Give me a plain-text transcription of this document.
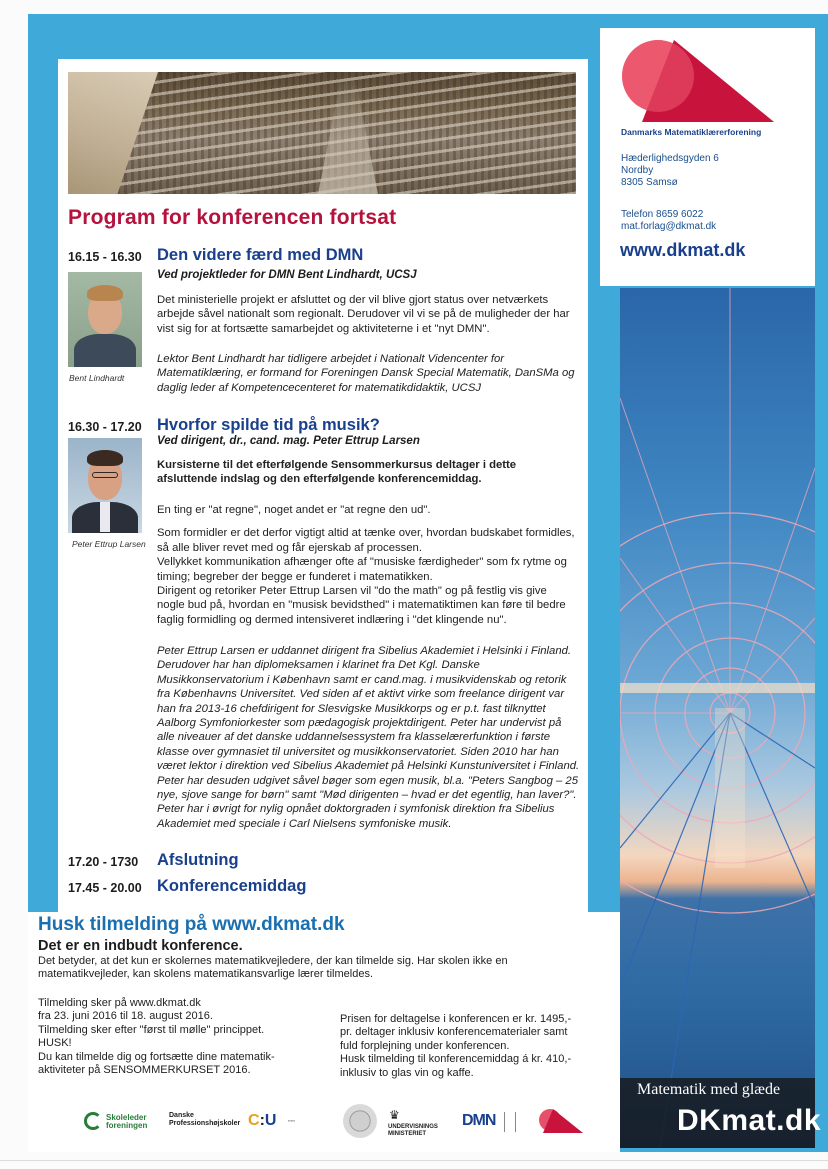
Program for konferencen fortsat
16.15 - 16.30 Den videre færd med DMN
Ved projektleder for DMN Bent Lindhardt, UCSJ
Bent Lindhardt

Det ministerielle projekt er afsluttet og der vil blive gjort status over netværkets arbejde såvel nationalt som regionalt. Derudover vil vi se på de muligheder der har vist sig for at fortsætte samarbejdet og aktiviteterne i et "nyt DMN".

Lektor Bent Lindhardt har tidligere arbejdet i Nationalt Videncenter for Matematiklæring, er formand for Foreningen Dansk Special Matematik, DanSMa og daglig leder af Kompetencecenteret for matematikdidaktik, UCSJ
16.30 - 17.20 Hvorfor spilde tid på musik?
Ved dirigent, dr., cand. mag. Peter Ettrup Larsen
Peter Ettrup Larsen
Kursisterne til det efterfølgende Sensommerkursus deltager i dette afsluttende indslag og den efterfølgende konferencemiddag.

En ting er "at regne", noget andet er "at regne den ud".

Som formidler er det derfor vigtigt altid at tænke over, hvordan budskabet formidles, så alle bliver revet med og får ejerskab af processen.

Vellykket kommunikation afhænger ofte af "musiske færdigheder" som fx rytme og timing; begreber der begge er funderet i matematikken.

Dirigent og retoriker Peter Ettrup Larsen vil "do the math" og på festlig vis give nogle bud på, hvordan en "musisk bevidsthed" i matematiktimen kan føre til bedre faglig formidling og dermed intensiveret indlæring i "det klingende nu".

Peter Ettrup Larsen er uddannet dirigent fra Sibelius Akademiet i Helsinki i Finland. Derudover har han diplomeksamen i klarinet fra Det Kgl. Danske Musikkonservatorium i København samt er cand.mag. i musikvidenskab og retorik fra Københavns Universitet. Ved siden af et aktivt virke som freelance dirigent var han fra 2013-16 chefdirigent for Slesvigske Musikkorps og er p.t. fast tilknyttet Aalborg Symfoniorkester som pædagogisk projektdirigent. Peter har undervist på alle niveauer af det danske uddannelsessystem fra klasselærerfunktion i første klasse over gymnasiet til universitet og musikkonservatoriet. Siden 2010 har han været lektor i direktion ved Sibelius Akademiet på Helsinki Kunstuniversitet i Finland. Peter har desuden udgivet såvel bøger som egen musik, bl.a. "Peters Sangbog – 25 nye, sjove sange for børn" samt "Mød dirigenten – hvad er det egentlig, han laver?". Peter har i øvrigt for nylig opnået doktorgraden i symfonisk direktion fra Sibelius Akademiet med speciale i Carl Nielsens symfoniske musik.
17.20 - 1730 Afslutning
17.45 - 20.00 Konferencemiddag
Husk tilmelding på www.dkmat.dk
Det er en indbudt konference.
Det betyder, at det kun er skolernes matematikvejledere, der kan tilmelde sig. Har skolen ikke en matematikvejleder, kan skolens matematikansvarlige lærer tilmeldes.
Tilmelding sker på www.dkmat.dk
fra 23. juni 2016 til 18. august 2016.
Tilmelding sker efter "først til mølle" princippet.
HUSK!
Du kan tilmelde dig og fortsætte dine matematik-
aktiviteter på SENSOMMERKURSET 2016.
Prisen for deltagelse i konferencen er kr. 1495,-
pr. deltager inklusiv konferencematerialer samt
fuld forplejning under konferencen.
Husk tilmelding til konferencemiddag á kr. 410,-
inklusiv to glas vin og kaffe.
Skoleleder
foreningen
Danske
Professionshøjskoler C:U	▪▪▪▪▪	♛
UNDERVISNINGS MINISTERIET
DMN
Danmarks Matematiklærerforening
Hæderlighedsgyden 6
Nordby
8305 Samsø
Telefon 8659 6022
mat.forlag@dkmat.dk
www.dkmat.dk
Matematik med glæde
DKmat.dk
